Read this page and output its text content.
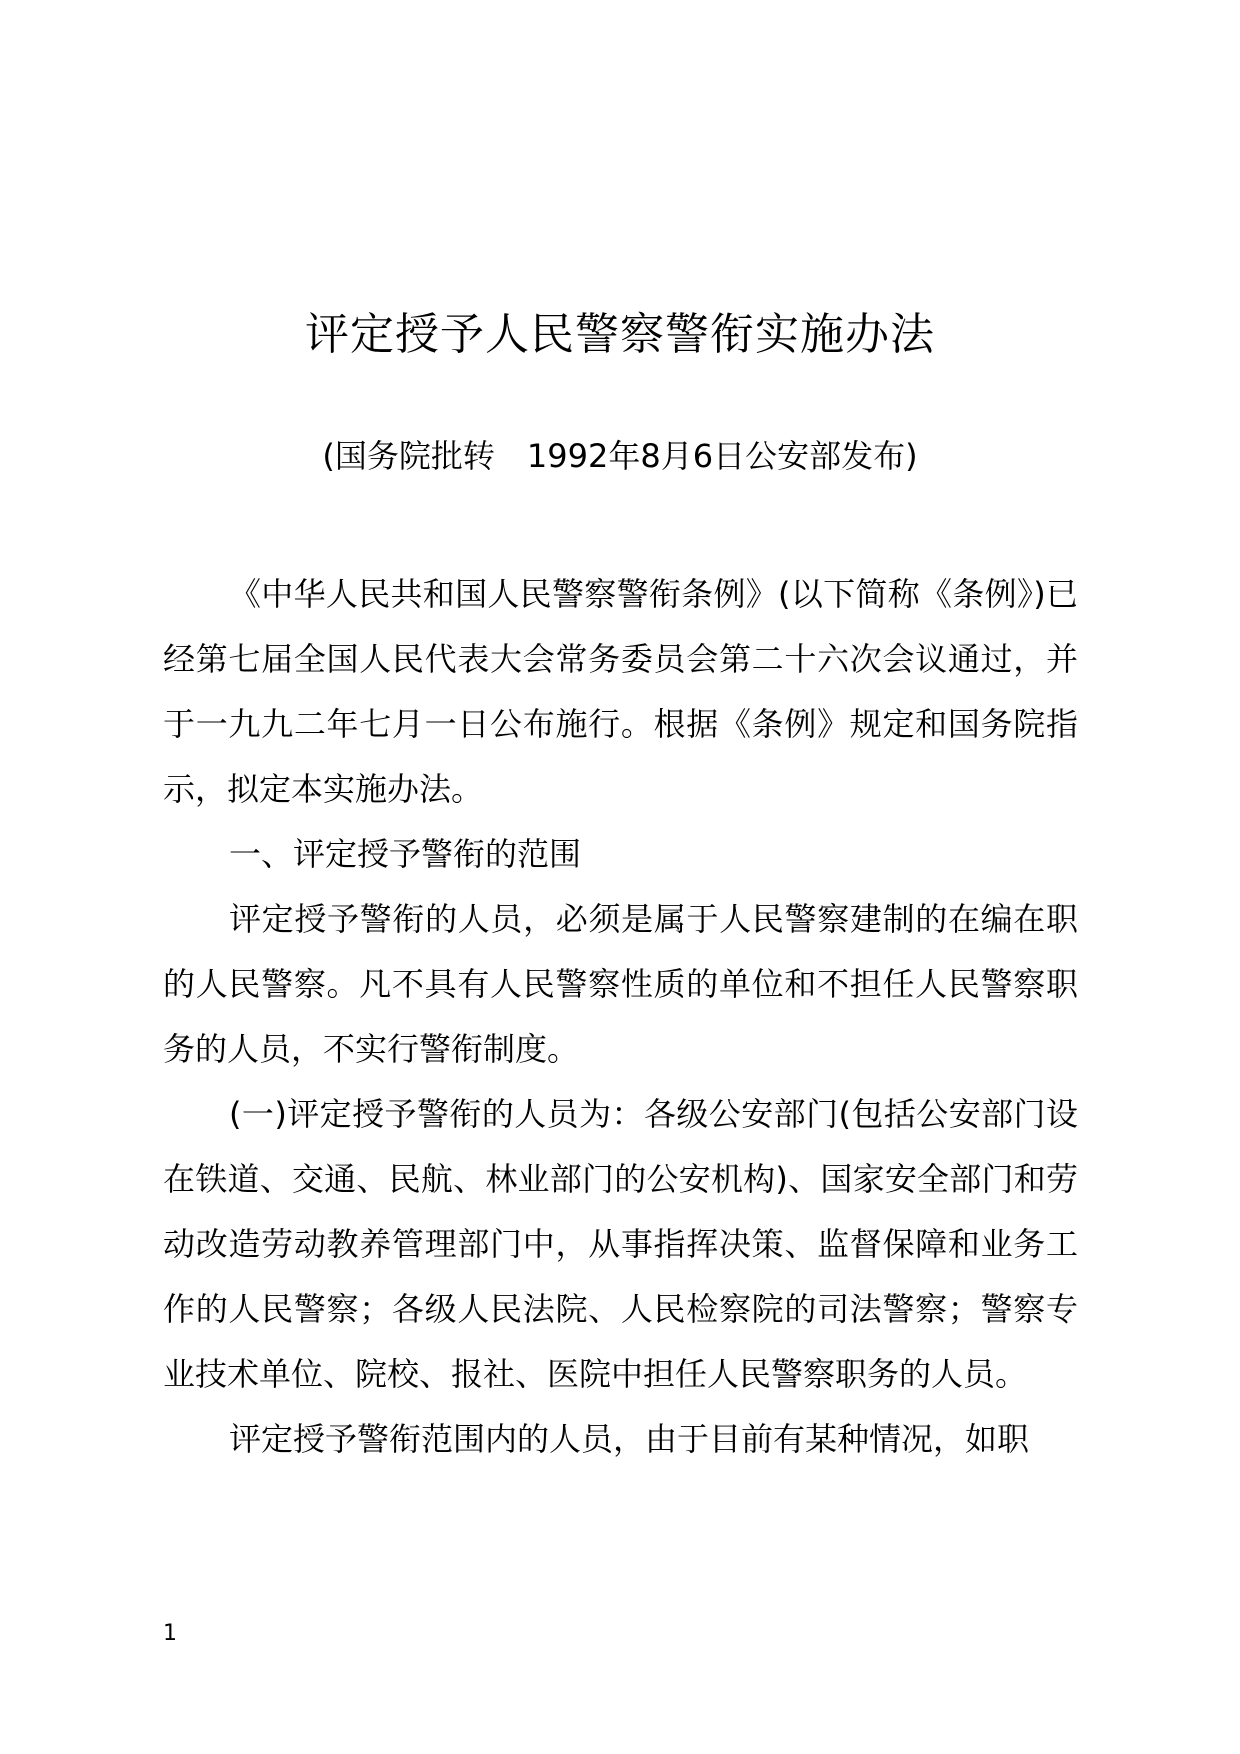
评定授予人民警察警衔实施办法
(国务院批转　1992年8月6日公安部发布)

《中华人民共和国人民警察警衔条例》(以下简称《条例》)已经第七届全国人民代表大会常务委员会第二十六次会议通过，并于一九九二年七月一日公布施行。根据《条例》规定和国务院指示，拟定本实施办法。

一、评定授予警衔的范围

评定授予警衔的人员，必须是属于人民警察建制的在编在职的人民警察。凡不具有人民警察性质的单位和不担任人民警察职务的人员，不实行警衔制度。

(一)评定授予警衔的人员为：各级公安部门(包括公安部门设在铁道、交通、民航、林业部门的公安机构)、国家安全部门和劳动改造劳动教养管理部门中，从事指挥决策、监督保障和业务工作的人民警察；各级人民法院、人民检察院的司法警察；警察专业技术单位、院校、报社、医院中担任人民警察职务的人员。

评定授予警衔范围内的人员，由于目前有某种情况，如职

1
